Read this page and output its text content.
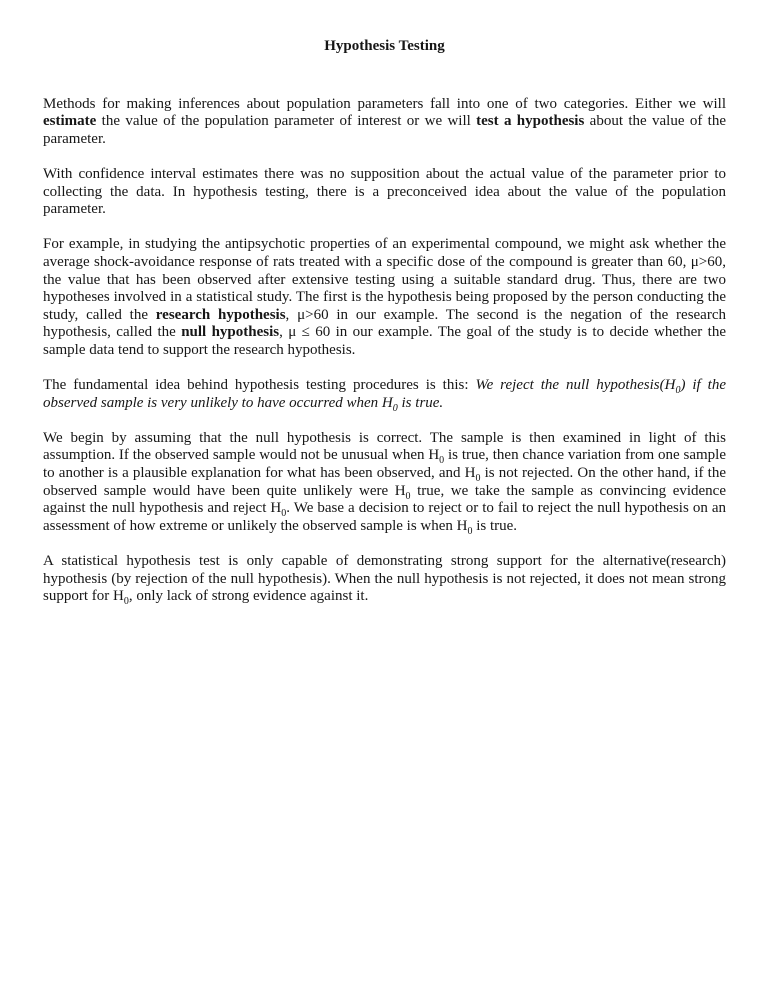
Hypothesis Testing

Methods for making inferences about population parameters fall into one of two categories. Either we will estimate the value of the population parameter of interest or we will test a hypothesis about the value of the parameter.

With confidence interval estimates there was no supposition about the actual value of the parameter prior to collecting the data. In hypothesis testing, there is a preconceived idea about the value of the population parameter.

For example, in studying the antipsychotic properties of an experimental compound, we might ask whether the average shock-avoidance response of rats treated with a specific dose of the compound is greater than 60, μ>60, the value that has been observed after extensive testing using a suitable standard drug. Thus, there are two hypotheses involved in a statistical study. The first is the hypothesis being proposed by the person conducting the study, called the research hypothesis, μ>60 in our example. The second is the negation of the research hypothesis, called the null hypothesis, μ ≤ 60 in our example. The goal of the study is to decide whether the sample data tend to support the research hypothesis.

The fundamental idea behind hypothesis testing procedures is this: We reject the null $hypothesis(H_0)$ if the observed sample is very unlikely to have occurred when $H_0$ is true.

We begin by assuming that the null hypothesis is correct. The sample is then examined in light of this assumption. If the observed sample would not be unusual when $H_0$ is true, then chance variation from one sample to another is a plausible explanation for what has been observed, and $H_0$ is not rejected. On the other hand, if the observed sample would have been quite unlikely were $H_0$ true, we take the sample as convincing evidence against the null hypothesis and reject $H_0$. We base a decision to reject or to fail to reject the null hypothesis on an assessment of how extreme or unlikely the observed sample is when $H_0$ is true.

A statistical hypothesis test is only capable of demonstrating strong support for the alternative(research) hypothesis (by rejection of the null hypothesis). When the null hypothesis is not rejected, it does not mean strong support for $H_0$, only lack of strong evidence against it.
